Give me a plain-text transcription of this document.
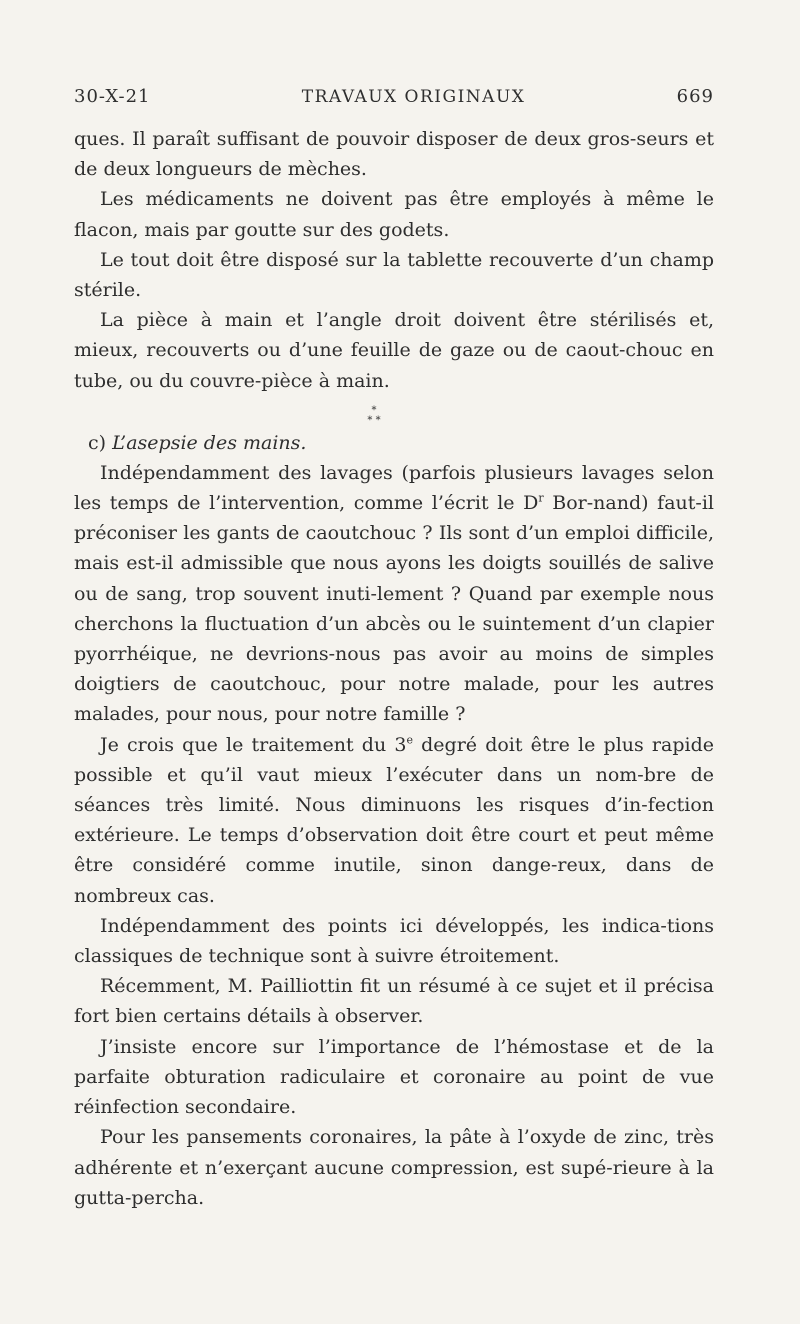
30-X-21	TRAVAUX ORIGINAUX	669

ques. Il paraît suffisant de pouvoir disposer de deux gros-seurs et de deux longueurs de mèches.

Les médicaments ne doivent pas être employés à même le flacon, mais par goutte sur des godets.

Le tout doit être disposé sur la tablette recouverte d’un champ stérile.

La pièce à main et l’angle droit doivent être stérilisés et, mieux, recouverts ou d’une feuille de gaze ou de caout-chouc en tube, ou du couvre-pièce à main.

*
* *
c) L’asepsie des mains.

Indépendamment des lavages (parfois plusieurs lavages selon les temps de l’intervention, comme l’écrit le $D^r$ Bor-nand) faut-il préconiser les gants de caoutchouc ? Ils sont d’un emploi difficile, mais est-il admissible que nous ayons les doigts souillés de salive ou de sang, trop souvent inuti-lement ? Quand par exemple nous cherchons la fluctuation d’un abcès ou le suintement d’un clapier pyorrhéique, ne devrions-nous pas avoir au moins de simples doigtiers de caoutchouc, pour notre malade, pour les autres malades, pour nous, pour notre famille ?

Je crois que le traitement du 3e degré doit être le plus rapide possible et qu’il vaut mieux l’exécuter dans un nom-bre de séances très limité. Nous diminuons les risques d’in-fection extérieure. Le temps d’observation doit être court et peut même être considéré comme inutile, sinon dange-reux, dans de nombreux cas.

Indépendamment des points ici développés, les indica-tions classiques de technique sont à suivre étroitement.

Récemment, M. Pailliottin fit un résumé à ce sujet et il précisa fort bien certains détails à observer.

J’insiste encore sur l’importance de l’hémostase et de la parfaite obturation radiculaire et coronaire au point de vue réinfection secondaire.

Pour les pansements coronaires, la pâte à l’oxyde de zinc, très adhérente et n’exerçant aucune compression, est supé-rieure à la gutta-percha.
